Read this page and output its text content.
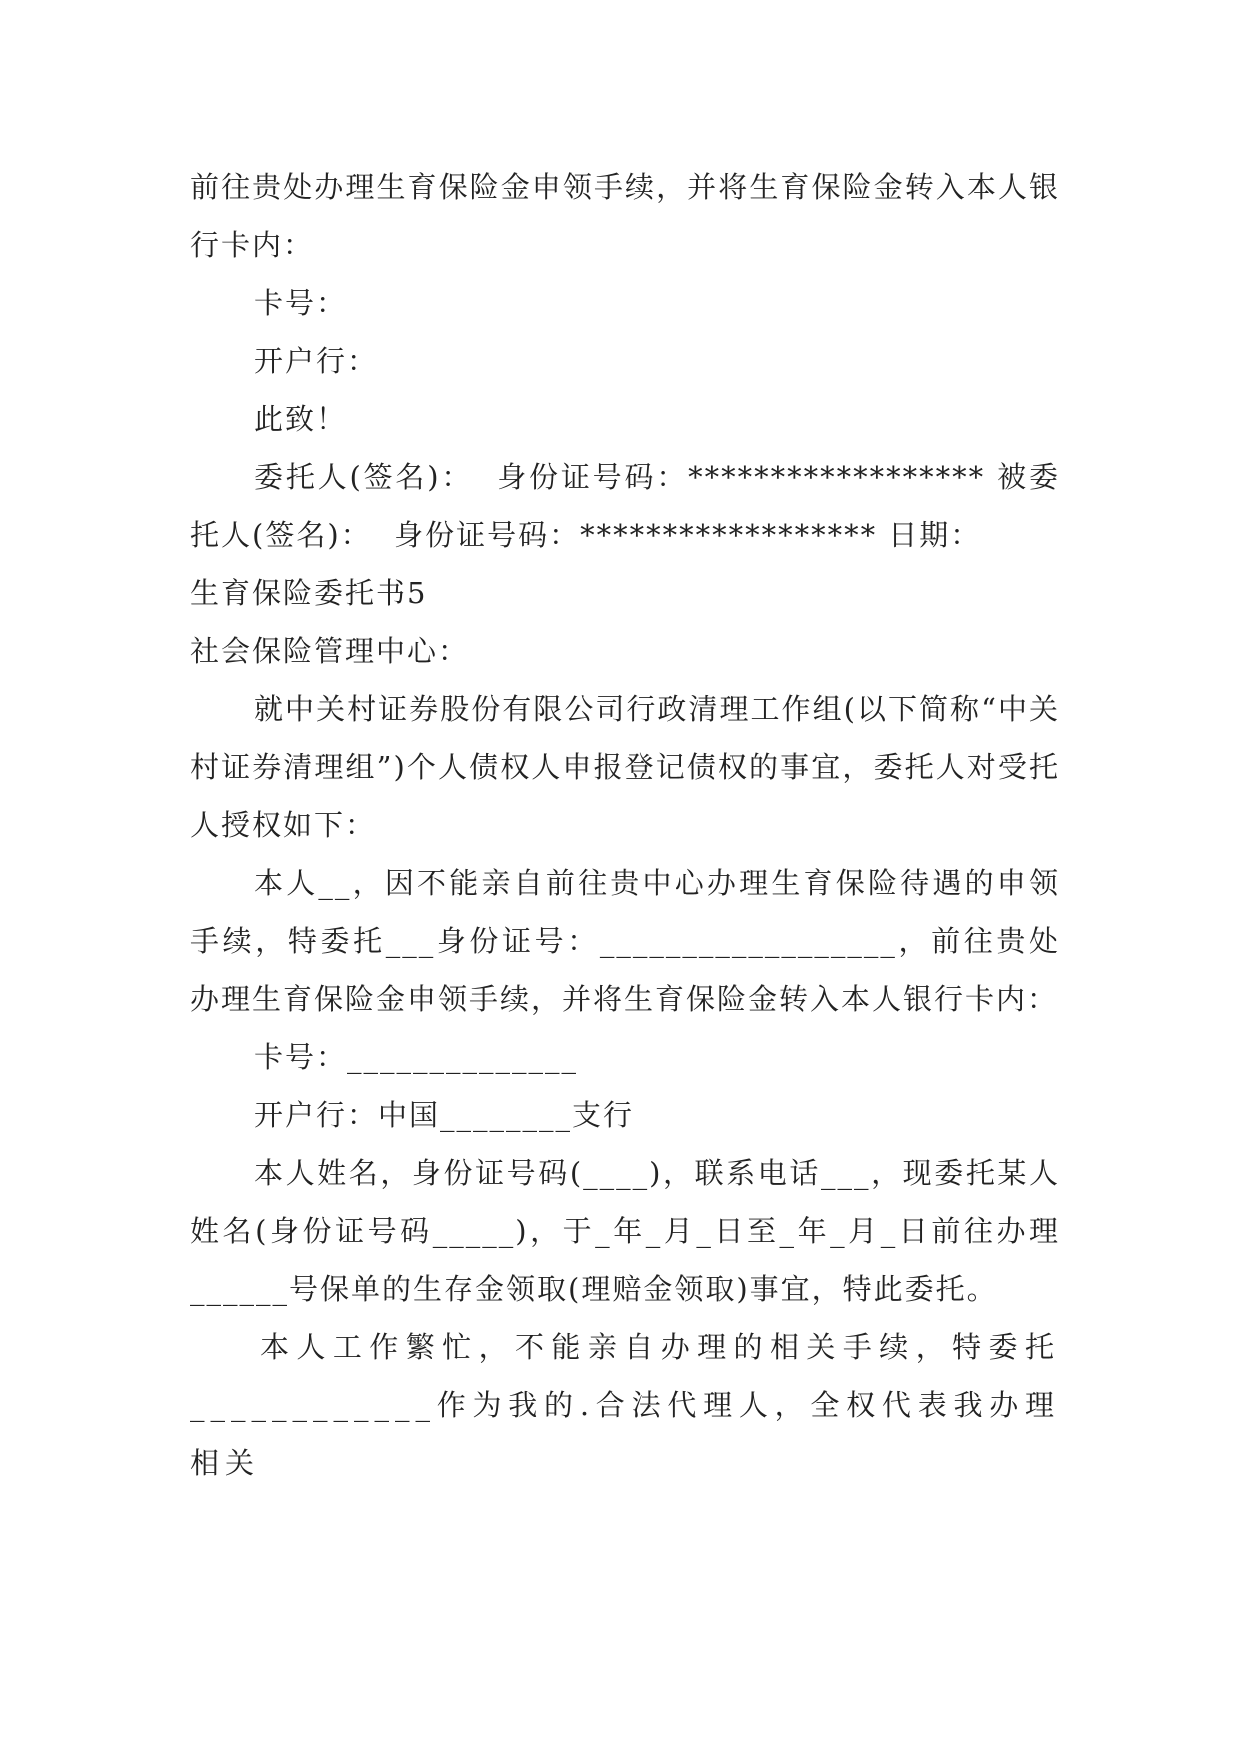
前往贵处办理生育保险金申领手续，并将生育保险金转入本人银行卡内：

卡号：

开户行：

此致！

委托人(签名)：  身份证号码：****************** 被委托人(签名)：  身份证号码：****************** 日期：

生育保险委托书5

社会保险管理中心：

就中关村证券股份有限公司行政清理工作组(以下简称“中关村证券清理组”)个人债权人申报登记债权的事宜，委托人对受托人授权如下：

本人__，因不能亲自前往贵中心办理生育保险待遇的申领手续，特委托___身份证号：__________________，前往贵处办理生育保险金申领手续，并将生育保险金转入本人银行卡内：

卡号：______________

开户行：中国________支行

本人姓名，身份证号码(____)，联系电话___，现委托某人姓名(身份证号码_____)，于_年_月_日至_年_月_日前往办理______号保单的生存金领取(理赔金领取)事宜，特此委托。

本人工作繁忙，不能亲自办理的相关手续，特委托____________作为我的.合法代理人，全权代表我办理相关
